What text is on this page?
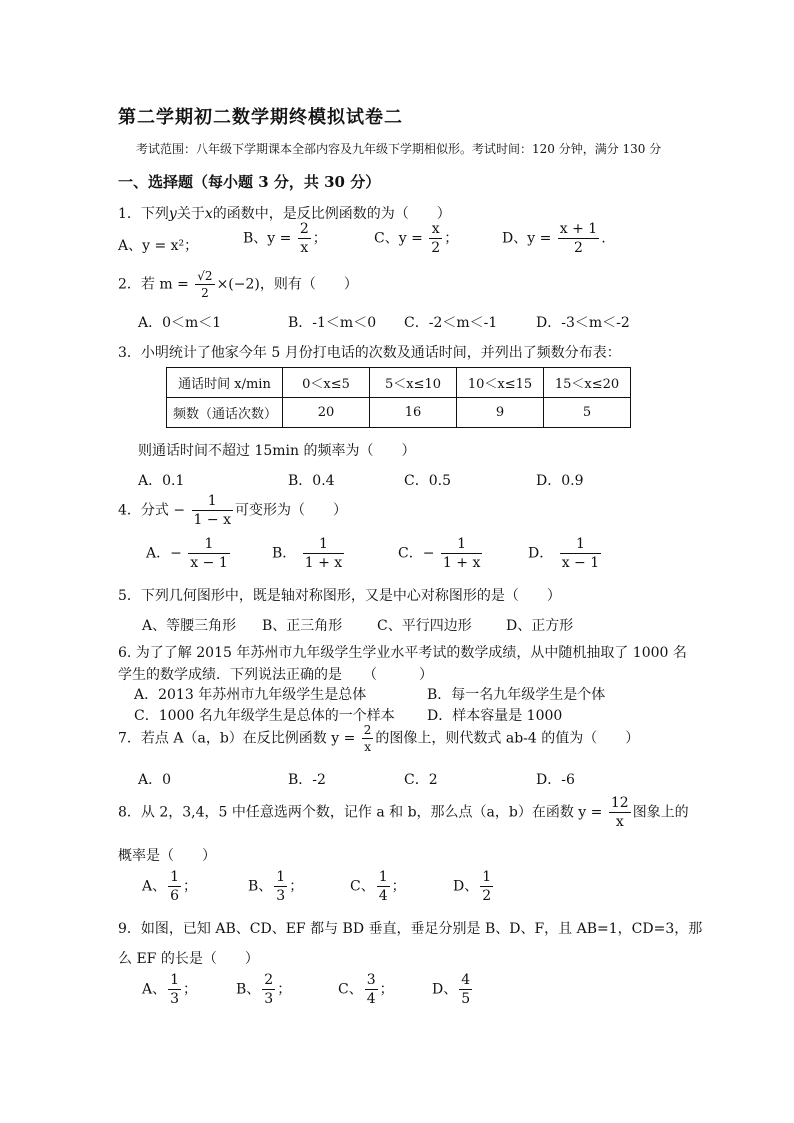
第二学期初二数学期终模拟试卷二
考试范围：八年级下学期课本全部内容及九年级下学期相似形。考试时间：120 分钟，满分 130 分
一、选择题（每小题 3 分，共 30 分）
1．下列y关于x的函数中，是反比例函数的为（　　）
A、y = x²；	B、$y = \frac{2}{x}$ ；	C、$y = \frac{x}{2}$ ；	D、$y = \frac{x + 1}{2}$ .
2．若 $m = \frac{√2}{2} \times(-2)$，则有（　　）
A．0＜m＜1	B．-1＜m＜0 C．-2＜m＜-1	D．-3＜m＜-2
3．小明统计了他家今年 5 月份打电话的次数及通话时间，并列出了频数分布表：
通话时间 x/min	0＜x≤5	5＜x≤10	10＜x≤15	15＜x≤20
频数（通话次数）	20	16	9	5
则通话时间不超过 15min 的频率为（　　）
A．0.1	B．0.4	C．0.5	D．0.9
4．分式 − $\frac{1}{1 - x}$ 可变形为（　　）
A．− $\frac{1}{x - 1}$	B． $\frac{1}{1 + x}$	C．− $\frac{1}{1 + x}$	D． $\frac{1}{x - 1}$
5．下列几何图形中，既是轴对称图形，又是中心对称图形的是（　　）
A、等腰三角形 B、正三角形 C、平行四边形 D、正方形
6. 为了了解 2015 年苏州市九年级学生学业水平考试的数学成绩，从中随机抽取了 1000 名
学生的数学成绩．下列说法正确的是　　（　　　）
A．2013 年苏州市九年级学生是总体	B．每一名九年级学生是个体
C．1000 名九年级学生是总体的一个样本 D．样本容量是 1000
7．若点 A（a，b）在反比例函数 $y = \frac{2}{x}$ 的图像上，则代数式 ab-4 的值为（　　）
A．0	B．-2	C．2	D．-6
8．从 2，3,4，5 中任意选两个数，记作 a 和 b，那么点（a，b）在函数 $y = \frac{12}{x}$ 图象上的
概率是（　　）
A、 $\frac{1}{6}$ ；	B、 $\frac{1}{3}$ ；	C、 $\frac{1}{4}$ ；	D、 $\frac{1}{2}$
9．如图，已知 AB、CD、EF 都与 BD 垂直，垂足分别是 B、D、F，且 AB=1，CD=3，那
么 EF 的长是（　　）
A、 $\frac{1}{3}$ ；	B、 $\frac{2}{3}$ ；	C、 $\frac{3}{4}$ ；	D、 $\frac{4}{5}$
